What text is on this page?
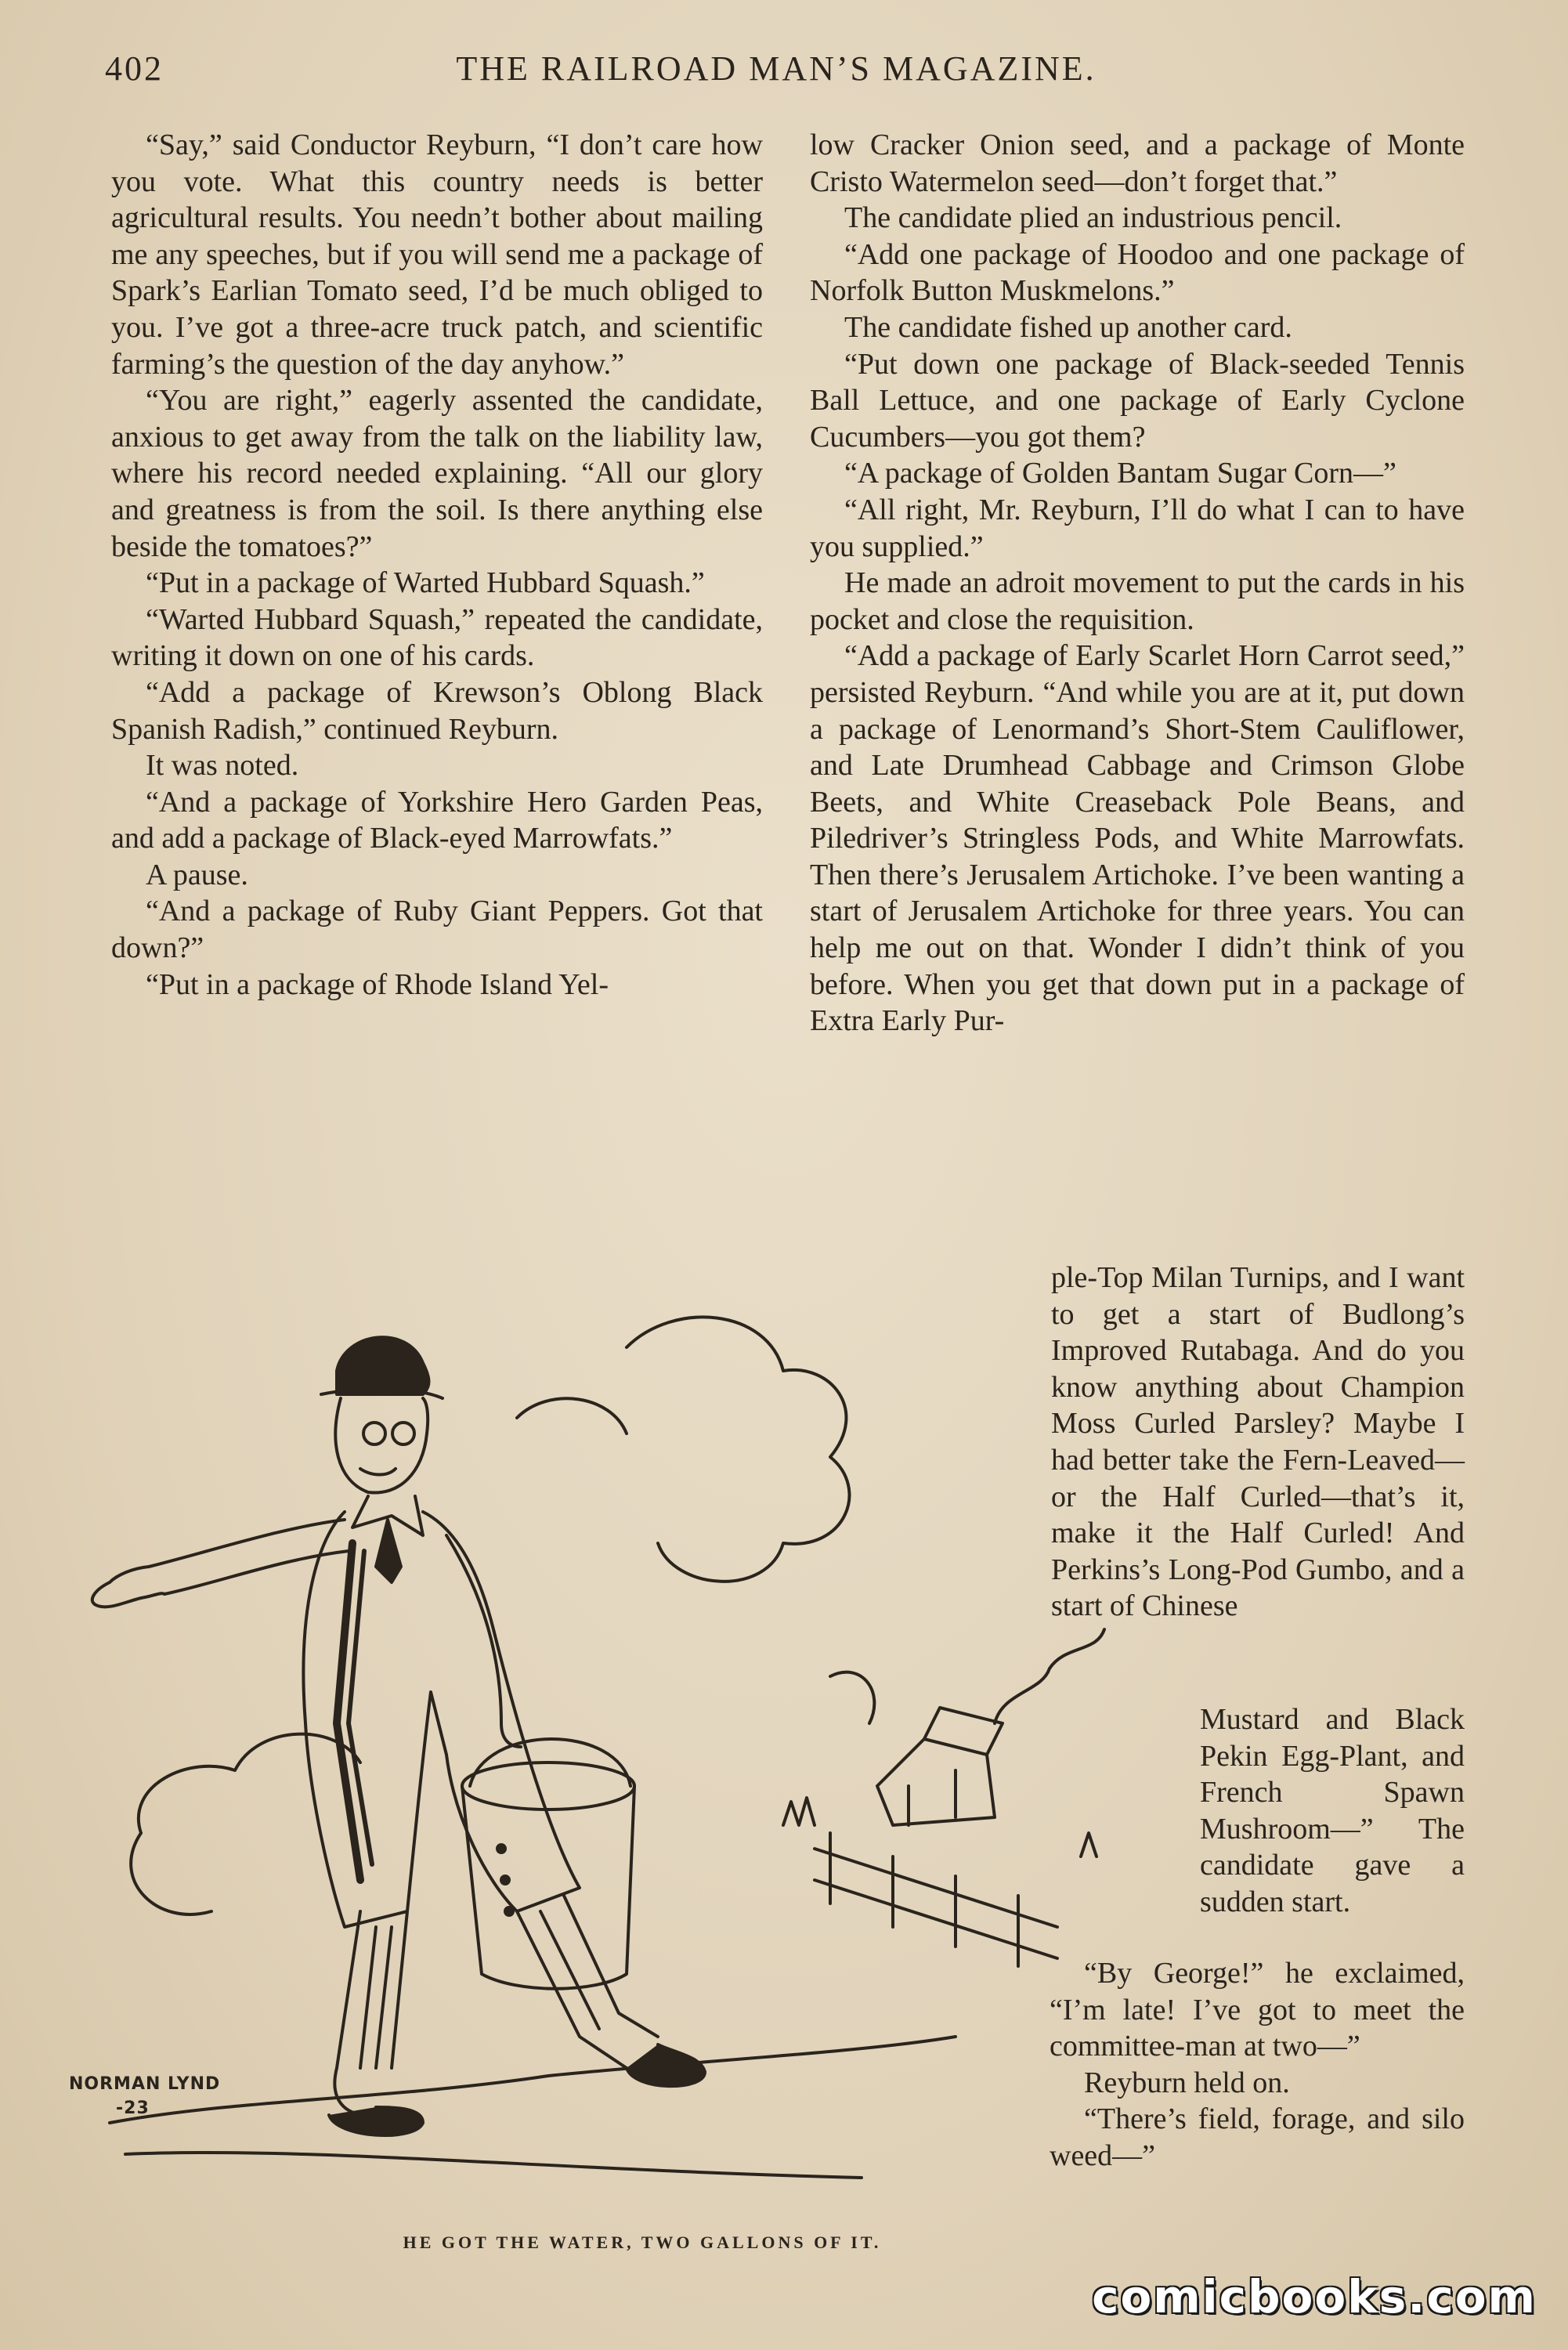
402	THE RAILROAD MAN’S MAGAZINE.

“Say,” said Conductor Reyburn, “I don’t care how you vote. What this country needs is better agricultural results. You needn’t bother about mailing me any speeches, but if you will send me a package of Spark’s Earlian Tomato seed, I’d be much obliged to you. I’ve got a three-acre truck patch, and scientific farming’s the question of the day anyhow.”

“You are right,” eagerly assented the candidate, anxious to get away from the talk on the liability law, where his record needed explaining. “All our glory and greatness is from the soil. Is there anything else beside the tomatoes?”

“Put in a package of Warted Hubbard Squash.”

“Warted Hubbard Squash,” repeated the candidate, writing it down on one of his cards.

“Add a package of Krewson’s Oblong Black Spanish Radish,” continued Reyburn.

It was noted.

“And a package of Yorkshire Hero Garden Peas, and add a package of Black-eyed Marrowfats.”

A pause.

“And a package of Ruby Giant Peppers. Got that down?”

“Put in a package of Rhode Island Yel-

low Cracker Onion seed, and a package of Monte Cristo Watermelon seed—don’t forget that.”

The candidate plied an industrious pencil.

“Add one package of Hoodoo and one package of Norfolk Button Muskmelons.”

The candidate fished up another card.

“Put down one package of Black-seeded Tennis Ball Lettuce, and one package of Early Cyclone Cucumbers—you got them?

“A package of Golden Bantam Sugar Corn—”

“All right, Mr. Reyburn, I’ll do what I can to have you supplied.”

He made an adroit movement to put the cards in his pocket and close the requisition.

“Add a package of Early Scarlet Horn Carrot seed,” persisted Reyburn. “And while you are at it, put down a package of Lenormand’s Short-Stem Cauliflower, and Late Drumhead Cabbage and Crimson Globe Beets, and White Creaseback Pole Beans, and Piledriver’s Stringless Pods, and White Marrowfats. Then there’s Jerusalem Artichoke. I’ve been wanting a start of Jerusalem Artichoke for three years. You can help me out on that. Wonder I didn’t think of you before. When you get that down put in a package of Extra Early Pur-

ple-Top Milan Turnips, and I want to get a start of Budlong’s Improved Rutabaga. And do you know anything about Champion Moss Curled Parsley? Maybe I had better take the Fern-Leaved—or the Half Curled—that’s it, make it the Half Curled! And Perkins’s Long-Pod Gumbo, and a start of Chinese

Mustard and Black Pekin Egg-Plant, and French Spawn Mushroom—” The candidate gave a sudden start.

“By George!” he exclaimed, “I’m late! I’ve got to meet the committee-man at two—”

Reyburn held on.

“There’s field, forage, and silo weed—”

NORMAN LYND
-23
HE GOT THE WATER, TWO GALLONS OF IT.
comicbooks.com
